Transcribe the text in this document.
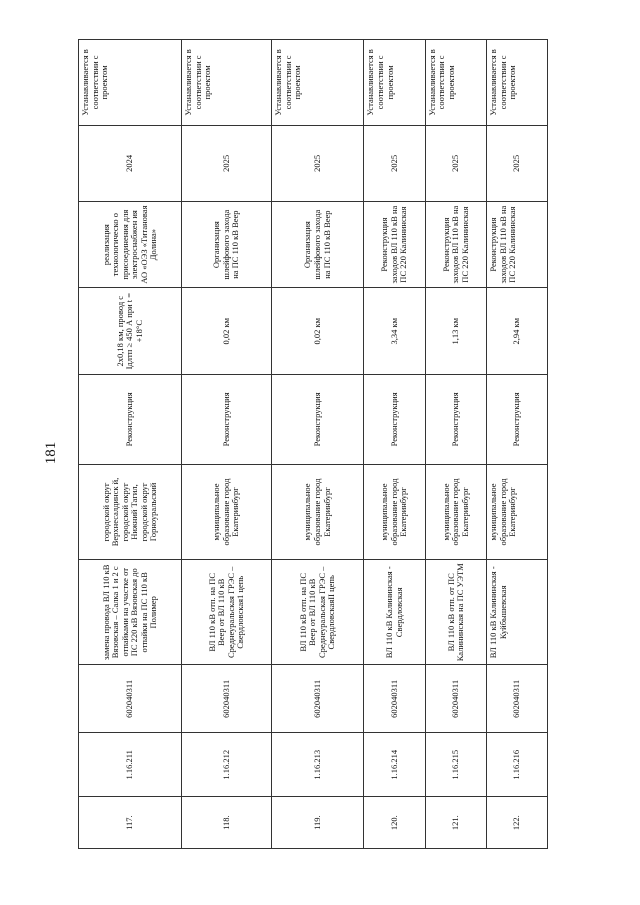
181
117.	1.16.211	602040311	замена провода ВЛ 110 кВ Вязовская – Салка 1 и 2 с отпайками на участке от ПС 220 кВ Вязовская до отпайки на ПС 110 кВ Полимер	городской округ Верхнесалдинск й, городской округ Нижний Тагил, городской округ Горноуральский	Реконструкция	2х0,18 км, провод с Iдлтп ≥ 450 А при t = +18°С	реализация технологическо о присоединения для электроснабжен ия АО «ОЭЗ «Титановая Долина»	2024	Устанавливается в соответствии с проектом
118.	1.16.212	602040311	ВЛ 110 кВ отп. на ПС Веер от ВЛ 110 кВ Среднеуральская ГРЭС – Свердловская1 цепь	муниципальное образование город Екатеринбург	Реконструкция	0,02 км	Организация шлейфового захода на ПС 110 кВ Веер	2025	Устанавливается в соответствии с проектом
119.	1.16.213	602040311	ВЛ 110 кВ отп. на ПС Веер от ВЛ 110 кВ Среднеуральская ГРЭС – СвердловскаяII цепь	муниципальное образование город Екатеринбург	Реконструкция	0,02 км	Организация шлейфового захода на ПС 110 кВ Веер	2025	Устанавливается в соответствии с проектом
120.	1.16.214	602040311	ВЛ 110 кВ Калининская - Свердловская	муниципальное образование город Екатеринбург	Реконструкция	3,34 км	Реконструкция заходов ВЛ 110 кВ на ПС 220 Калининская	2025	Устанавливается в соответствии с проектом
121.	1.16.215	602040311	ВЛ 110 кВ отп. от ПС Калининская на ПС УЭТМ	муниципальное образование город Екатеринбург	Реконструкция	1,13 км	Реконструкция заходов ВЛ 110 кВ на ПС 220 Калининская	2025	Устанавливается в соответствии с проектом
122.	1.16.216	602040311	ВЛ 110 кВ Калининская - Куйбышевская	муниципальное образование город Екатеринбург	Реконструкция	2,94 км	Реконструкция заходов ВЛ 110 кВ на ПС 220 Калининская	2025	Устанавливается в соответствии с проектом
